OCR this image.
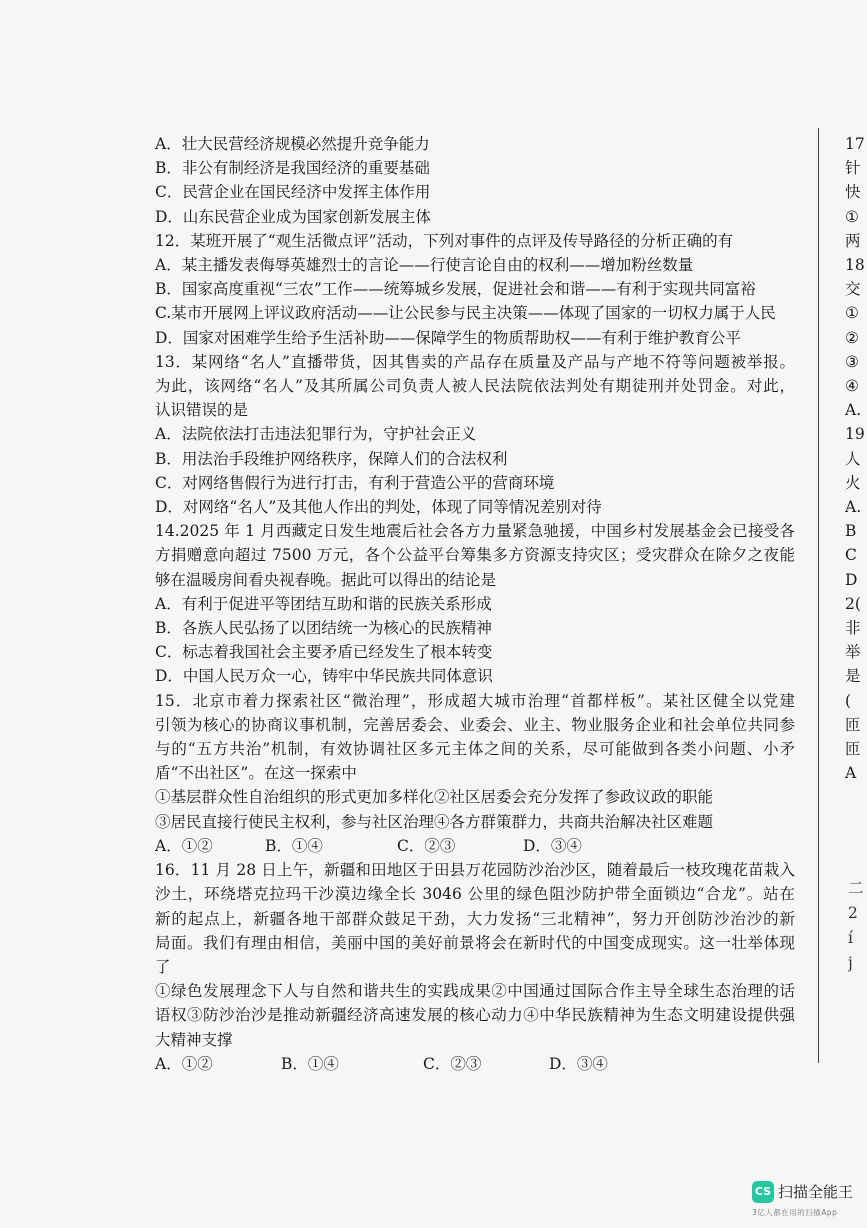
A．壮大民营经济规模必然提升竞争能力
B．非公有制经济是我国经济的重要基础
C．民营企业在国民经济中发挥主体作用
D．山东民营企业成为国家创新发展主体
12．某班开展了“观生活微点评”活动，下列对事件的点评及传导路径的分析正确的有
A．某主播发表侮辱英雄烈士的言论——行使言论自由的权利——增加粉丝数量
B．国家高度重视“三农”工作——统筹城乡发展，促进社会和谐——有利于实现共同富裕
C.某市开展网上评议政府活动——让公民参与民主决策——体现了国家的一切权力属于人民
D．国家对困难学生给予生活补助——保障学生的物质帮助权——有利于维护教育公平
13．某网络“名人”直播带货，因其售卖的产品存在质量及产品与产地不符等问题被举报。
为此，该网络“名人”及其所属公司负责人被人民法院依法判处有期徒刑并处罚金。对此，
认识错误的是
A．法院依法打击违法犯罪行为，守护社会正义
B．用法治手段维护网络秩序，保障人们的合法权利
C．对网络售假行为进行打击，有利于营造公平的营商环境
D．对网络“名人”及其他人作出的判处，体现了同等情况差别对待
14.2025 年 1 月西藏定日发生地震后社会各方力量紧急驰援，中国乡村发展基金会已接受各
方捐赠意向超过 7500 万元，各个公益平台筹集多方资源支持灾区；受灾群众在除夕之夜能
够在温暖房间看央视春晚。据此可以得出的结论是
A．有利于促进平等团结互助和谐的民族关系形成
B．各族人民弘扬了以团结统一为核心的民族精神
C．标志着我国社会主要矛盾已经发生了根本转变
D．中国人民万众一心，铸牢中华民族共同体意识
15．北京市着力探索社区“微治理”，形成超大城市治理“首都样板”。某社区健全以党建
引领为核心的协商议事机制，完善居委会、业委会、业主、物业服务企业和社会单位共同参
与的“五方共治”机制，有效协调社区多元主体之间的关系，尽可能做到各类小问题、小矛
盾“不出社区”。在这一探索中
①基层群众性自治组织的形式更加多样化②社区居委会充分发挥了参政议政的职能
③居民直接行使民主权利，参与社区治理④各方群策群力，共商共治解决社区难题
A．①②	B．①④	C．②③	D．③④
16．11 月 28 日上午，新疆和田地区于田县万花园防沙治沙区，随着最后一枝玫瑰花苗栽入
沙土，环绕塔克拉玛干沙漠边缘全长 3046 公里的绿色阻沙防护带全面锁边“合龙”。站在
新的起点上，新疆各地干部群众鼓足干劲，大力发扬“三北精神”，努力开创防沙治沙的新
局面。我们有理由相信，美丽中国的美好前景将会在新时代的中国变成现实。这一壮举体现
了
①绿色发展理念下人与自然和谐共生的实践成果②中国通过国际合作主导全球生态治理的话
语权③防沙治沙是推动新疆经济高速发展的核心动力④中华民族精神为生态文明建设提供强
大精神支撑
A．①②	B．①④	C．②③	D．③④
17
针
快
①
两
18
交
①
②
③
④
A.
19
人
火
A.
B
C
D
2(
非
举
是
(
匝
匝
A
二
2
í
j
CS 扫描全能王
3亿人都在用的扫描App
